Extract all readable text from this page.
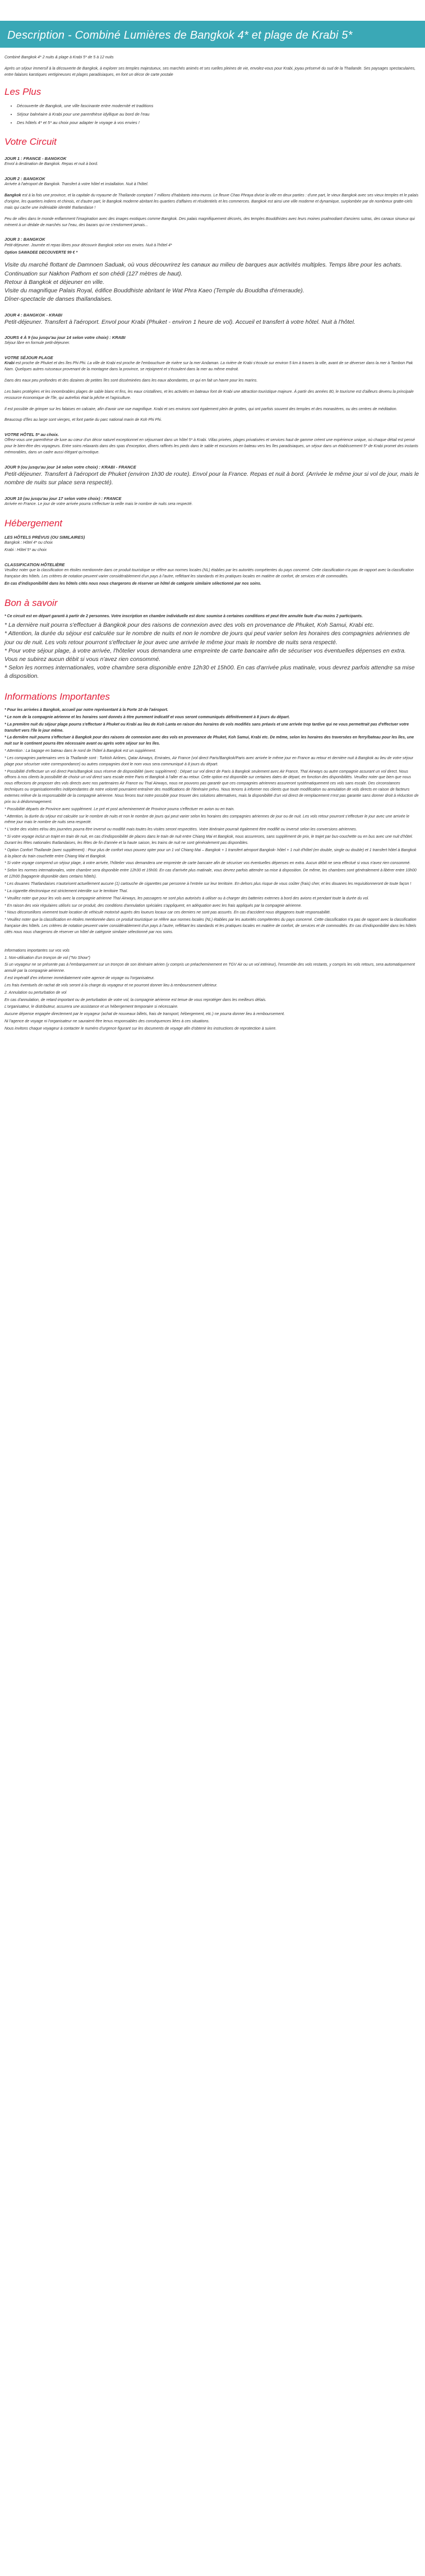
Description - Combiné Lumières de Bangkok 4* et plage de Krabi 5*

Combiné Bangkok 4* 2 nuits & plage à Krabi 5* de 5 à 12 nuits

Après un séjour immersif à la découverte de Bangkok, à explorer ses temples majestueux, ses marchés animés et ses ruelles pleines de vie, envolez-vous pour Krabi, joyau préservé du sud de la Thaïlande. Ses paysages spectaculaires, entre falaises karstiques vertigineuses et plages paradisiaques, en font un décor de carte postale

Les Plus
• Découverte de Bangkok, une ville fascinante entre modernité et traditions
• Séjour balnéaire à Krabi pour une parenthèse idyllique au bord de l'eau
• Des hôtels 4* et 5* au choix pour adapter le voyage à vos envies !
Votre Circuit
JOUR 1 : FRANCE - BANGKOK

Envol à destination de Bangkok. Repas et nuit à bord.

JOUR 2 : BANGKOK

Arrivée à l'aéroport de Bangkok. Transfert à votre hôtel et installation. Nuit à l'hôtel.

Bangkok est à la fois une province, et la capitale du royaume de Thaïlande comptant 7 millions d'habitants intra-muros. Le fleuve Chao Phraya divise la ville en deux parties : d'une part, le vieux Bangkok avec ses vieux temples et le palais d'origine, les quartiers indiens et chinois, et d'autre part, le Bangkok moderne abritant les quartiers d'affaires et résidentiels et les commerces. Bangkok est ainsi une ville moderne et dynamique, surplombée par de nombreux gratte-ciels mais qui cache une indéniable identité thaïlandaise !

Peu de villes dans le monde enflamment l'imagination avec des images exotiques comme Bangkok. Des palais magnifiquement décorés, des temples Bouddhistes avec leurs moines psalmodiant d'anciens sutras, des canaux sinueux qui mènent à un dédale de marchés sur l'eau, des bazars qui ne s'endorment jamais...

JOUR 3 : BANGKOK

Petit-déjeuner. Journée et repas libres pour découvrir Bangkok selon vos envies. Nuit à l'hôtel 4*

Option SAWADEE DECOUVERTE 99 € *

Visite du marché flottant de Damnoen Saduak, où vous découvrirez les canaux au milieu de barques aux activités multiples. Temps libre pour les achats.

Continuation sur Nakhon Pathom et son chédi (127 mètres de haut).

Retour à Bangkok et déjeuner en ville.

Visite du magnifique Palais Royal, édifice Bouddhiste abritant le Wat Phra Kaeo (Temple du Bouddha d'émeraude).

Dîner-spectacle de danses thaïlandaises.

JOUR 4 : BANGKOK - KRABI

Petit-déjeuner. Transfert à l'aéroport. Envol pour Krabi (Phuket - environ 1 heure de vol). Accueil et transfert à votre hôtel. Nuit à l'hôtel.

JOURS 4 À 9 (ou jusqu'au jour 14 selon votre choix) : KRABI

Séjour libre en formule petit-déjeuner.

VOTRE SÉJOUR PLAGE

Krabi est proche de Phuket et des îles Phi Phi. La ville de Krabi est proche de l'embouchure de rivière sur la mer Andaman. La rivière de Krabi s'écoule sur environ 5 km à travers la ville, avant de se déverser dans la mer à Tambon Pak Nam. Quelques autres ruisseaux provenant de la montagne dans la province, se rejoignent et s'écoulent dans la mer au même endroit.

Dans des eaux peu profondes et des dizaines de petites îles sont disséminées dans les eaux abondantes, ce qui en fait un havre pour les marins.

Les baies protégées et les innombrables plages de sable blanc et fins, les eaux cristallines, et les activités en bateaux font de Krabi une attraction touristique majeure. À partir des années 80, le tourisme est d'ailleurs devenu la principale ressource économique de l'île, qui autrefois était la pêche et l'agriculture.

Il est possible de grimper sur les falaises en calcaire, afin d'avoir une vue magnifique. Krabi et ses environs sont également plein de grottes, qui ont parfois souvent des temples et des monastères, ou des centres de méditation.

Beaucoup d'îles au large sont vierges, et font partie du parc national marin de Koh Phi Phi.

VOTRE HÔTEL 5* au choix.

Offrez-vous une parenthèse de luxe au cœur d'un décor naturel exceptionnel en séjournant dans un hôtel 5* à Krabi. Villas privées, plages privatisées et services haut de gamme créent une expérience unique, où chaque détail est pensé pour le bien-être des voyageurs. Entre soins relaxants dans des spas d'exception, dîners raffinés les pieds dans le sable et excursions en bateau vers les îles paradisiaques, un séjour dans un établissement 5* de Krabi promet des instants mémorables, dans un cadre aussi élégant qu'exotique.

JOUR 9 (ou jusqu'au jour 14 selon votre choix) : KRABI - FRANCE

Petit-déjeuner. Transfert à l'aéroport de Phuket (environ 1h30 de route). Envol pour la France. Repas et nuit à bord. (Arrivée le même jour si vol de jour, mais le nombre de nuits sur place sera respecté).

JOUR 10 (ou jusqu'au jour 17 selon votre choix) : FRANCE

Arrivée en France. Le jour de votre arrivée pourra s'effectuer la veille mais le nombre de nuits sera respecté.

Hébergement
LES HÔTELS PRÉVUS (OU SIMILAIRES)

Bangkok : Hôtel 4* ou choix

Krabi : Hôtel 5* au choix

CLASSIFICATION HÔTELIÈRE

Veuillez noter que la classification en étoiles mentionnée dans ce produit touristique se réfère aux normes locales (NL) établies par les autorités compétentes du pays concerné. Cette classification n'a pas de rapport avec la classification française des hôtels. Les critères de notation peuvent varier considérablement d'un pays à l'autre, reflétant les standards et les pratiques locales en matière de confort, de services et de commodités.

En cas d'indisponibilité dans les hôtels cités nous nous chargerons de réserver un hôtel de catégorie similaire sélectionné par nos soins.

Bon à savoir

* Ce circuit est en départ garanti à partir de 2 personnes. Votre inscription en chambre individuelle est donc soumise à certaines conditions et peut être annulée faute d'au moins 2 participants.

* La dernière nuit pourra s'effectuer à Bangkok pour des raisons de connexion avec des vols en provenance de Phuket, Koh Samui, Krabi etc.

* Attention, la durée du séjour est calculée sur le nombre de nuits et non le nombre de jours qui peut varier selon les horaires des compagnies aériennes de jour ou de nuit. Les vols retour pourront s'effectuer le jour avec une arrivée le même jour mais le nombre de nuits sera respecté.

* Pour votre séjour plage, à votre arrivée, l'hôtelier vous demandera une empreinte de carte bancaire afin de sécuriser vos éventuelles dépenses en extra. Vous ne subirez aucun débit si vous n'avez rien consommé.

* Selon les normes internationales, votre chambre sera disponible entre 12h30 et 15h00. En cas d'arrivée plus matinale, vous devrez parfois attendre sa mise à disposition.

Informations Importantes

* Pour les arrivées à Bangkok, accueil par notre représentant à la Porte 10 de l'aéroport.

* Le nom de la compagnie aérienne et les horaires sont donnés à titre purement indicatif et vous seront communiqués définitivement à 8 jours du départ.

* La première nuit du séjour plage pourra s'effectuer à Phuket ou Krabi au lieu de Koh Lanta en raison des horaires de vols modifiés sans préavis et une arrivée trop tardive qui ne vous permettrait pas d'effectuer votre transfert vers l'île le jour même.

* La dernière nuit pourra s'effectuer à Bangkok pour des raisons de connexion avec des vols en provenance de Phuket, Koh Samui, Krabi etc. De même, selon les horaires des traversées en ferry/bateau pour les îles, une nuit sur le continent pourra être nécessaire avant ou après votre séjour sur les îles.

* Attention : La bagage en bateau dans le nord de l'hôtel à Bangkok est un supplément.

* Les compagnies partenaires vers la Thaïlande sont : Turkish Airlines, Qatar Airways, Emirates, Air France (vol direct Paris/Bangkok/Paris avec arrivée le même jour en France au retour et dernière nuit à Bangkok au lieu de votre séjour plage pour sécuriser votre correspondance) ou autres compagnies dont le nom vous sera communiqué à 8 jours du départ.

* Possibilité d'effectuer un vol direct Paris/Bangkok sous réserve de disponibilité (avec supplément) : Départ sur vol direct de Paris à Bangkok seulement avec Air France, Thaï Airways ou autre compagnie assurant un vol direct. Nous offrons à nos clients la possibilité de choisir un vol direct sans escale entre Paris et Bangkok à l'aller et au retour. Cette option est disponible sur certaines dates de départ, en fonction des disponibilités. Veuillez noter que bien que nous nous efforcions de proposer des vols directs avec nos partenaires Air France ou Thaï Airways, nous ne pouvons pas garantir que ces compagnies aériennes assureront systématiquement ces vols sans escale. Des circonstances techniques ou organisationnelles indépendantes de notre volonté pourraient entraîner des modifications de l'itinéraire prévu. Nous tenons à informer nos clients que toute modification ou annulation de vols directs en raison de facteurs externes relève de la responsabilité de la compagnie aérienne. Nous ferons tout notre possible pour trouver des solutions alternatives, mais la disponibilité d'un vol direct de remplacement n'est pas garantie sans donner droit à réduction de prix ou à dédommagement.

* Possibilité départs de Province avec supplément. Le pré et post acheminement de Province pourra s'effectuer en avion ou en train.

* Attention, la durée du séjour est calculée sur le nombre de nuits et non le nombre de jours qui peut varier selon les horaires des compagnies aériennes de jour ou de nuit. Les vols retour pourront s'effectuer le jour avec une arrivée le même jour mais le nombre de nuits sera respecté.

* L'ordre des visites et/ou des journées pourra être inversé ou modifié mais toutes les visites seront respectées. Votre itinéraire pourrait également être modifié ou inversé selon les conversions aériennes.

* Si votre voyage inclut un trajet en train de nuit, en cas d'indisponibilité de places dans le train de nuit entre Chiang Mai et Bangkok, nous assurerons, sans supplément de prix, le trajet par bus-couchette ou en bus avec une nuit d'hôtel. Durant les fêtes nationales thaïlandaises, les fêtes de fin d'année et la haute saison, les trains de nuit ne sont généralement pas disponibles.

* Option Confort Thaïlande (avec supplément) : Pour plus de confort vous pouvez opter pour un 1 vol Chiang Mai – Bangkok + 1 transfert aéroport Bangkok- hôtel + 1 nuit d'hôtel (en double, single ou double) et 1 transfert hôtel à Bangkok à la place du train couchette entre Chiang Mai et Bangkok.

* Si votre voyage comprend un séjour plage, à votre arrivée, l'hôtelier vous demandera une empreinte de carte bancaire afin de sécuriser vos éventuelles dépenses en extra. Aucun débit ne sera effectué si vous n'avez rien consommé.

* Selon les normes internationales, votre chambre sera disponible entre 12h30 et 15h00. En cas d'arrivée plus matinale, vous devrez parfois attendre sa mise à disposition. De même, les chambres sont généralement à libérer entre 10h00 et 12h00 (bagagerie disponible dans certains hôtels).

* Les douanes Thaïlandaises n'autorisent actuellement aucune (1) cartouche de cigarettes par personne à l'entrée sur leur territoire. En dehors plus risque de vous coûter (frais) cher, et les douanes les requisitionneront de toute façon !

* La cigarette électronique est strictement interdite sur le territoire Thaï.

* Veuillez noter que pour les vols avec la compagnie aérienne Thaï Airways, les passagers ne sont plus autorisés à utiliser ou à charger des batteries externes à bord des avions et pendant toute la durée du vol.

* En raison des voix régulaires utilisés sur ce produit, des conditions d'annulation spéciales s'appliquent, en adéquation avec les frais appliqués par la compagnie aérienne.

* Nous déconseillons vivement toute location de véhicule motorisé auprès des loueurs locaux car ces derniers ne sont pas assurés. En cas d'accident nous dégageons toute responsabilité.

* Veuillez noter que la classification en étoiles mentionnée dans ce produit touristique se réfère aux normes locales (NL) établies par les autorités compétentes du pays concerné. Cette classification n'a pas de rapport avec la classification française des hôtels. Les critères de notation peuvent varier considérablement d'un pays à l'autre, reflétant les standards et les pratiques locales en matière de confort, de services et de commodités. En cas d'indisponibilité dans les hôtels cités nous nous chargerons de réserver un hôtel de catégorie similaire sélectionné par nos soins.

Informations importantes sur vos vols

1. Non-utilisation d'un tronçon de vol ("No Show")

Si un voyageur ne se présente pas à l'embarquement sur un tronçon de son itinéraire aérien (y compris un préacheminement en TGV Air ou un vol intérieur), l'ensemble des vols restants, y compris les vols retours, sera automatiquement annulé par la compagnie aérienne.

Il est impératif d'en informer immédiatement votre agence de voyage ou l'organisateur.

Les frais éventuels de rachat de vols seront à la charge du voyageur et ne pourront donner lieu à remboursement ultérieur.

2. Annulation ou perturbation de vol

En cas d'annulation, de retard important ou de perturbation de votre vol, la compagnie aérienne est tenue de vous reprotéger dans les meilleurs délais.

L'organisateur, le distributeur, assurera une assistance et un hébergement temporaire si nécessaire.

Aucune dépense engagée directement par le voyageur (achat de nouveaux billets, frais de transport, hébergement, etc.) ne pourra donner lieu à remboursement.

Ni l'agence de voyage ni l'organisateur ne sauraient être tenus responsables des conséquences liées à ces situations.

Nous invitons chaque voyageur à contacter le numéro d'urgence figurant sur les documents de voyage afin d'obtenir les instructions de reprotection à suivre.
